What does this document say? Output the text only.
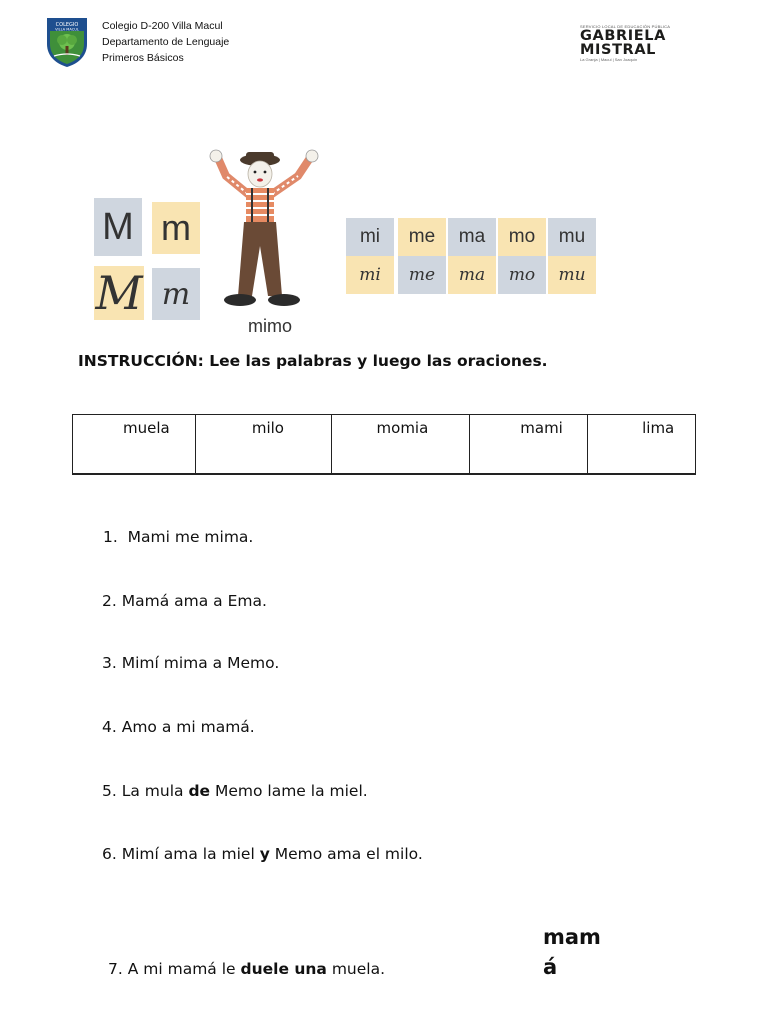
COLEGIO
VILLA MACUL Colegio D-200 Villa Macul
Departamento de Lenguaje
Primeros Básicos
SERVICIO LOCAL DE EDUCACIÓN PÚBLICA
GABRIELA
MISTRAL
La Granja | Macul | San Joaquín
M m
M m
mimo
mi	me	ma	mo	mu
mi	me	ma	mo	mu
INSTRUCCIÓN: Lee las palabras y luego las oraciones.
muela	milo	momia	mami	lima
1. Mami me mima.
2. Mamá ama a Ema.
3. Mimí mima a Memo.
4. Amo a mi mamá.
5. La mula de Memo lame la miel.
6. Mimí ama la miel y Memo ama el milo.
7. A mi mamá le duele una muela.
mam
á
